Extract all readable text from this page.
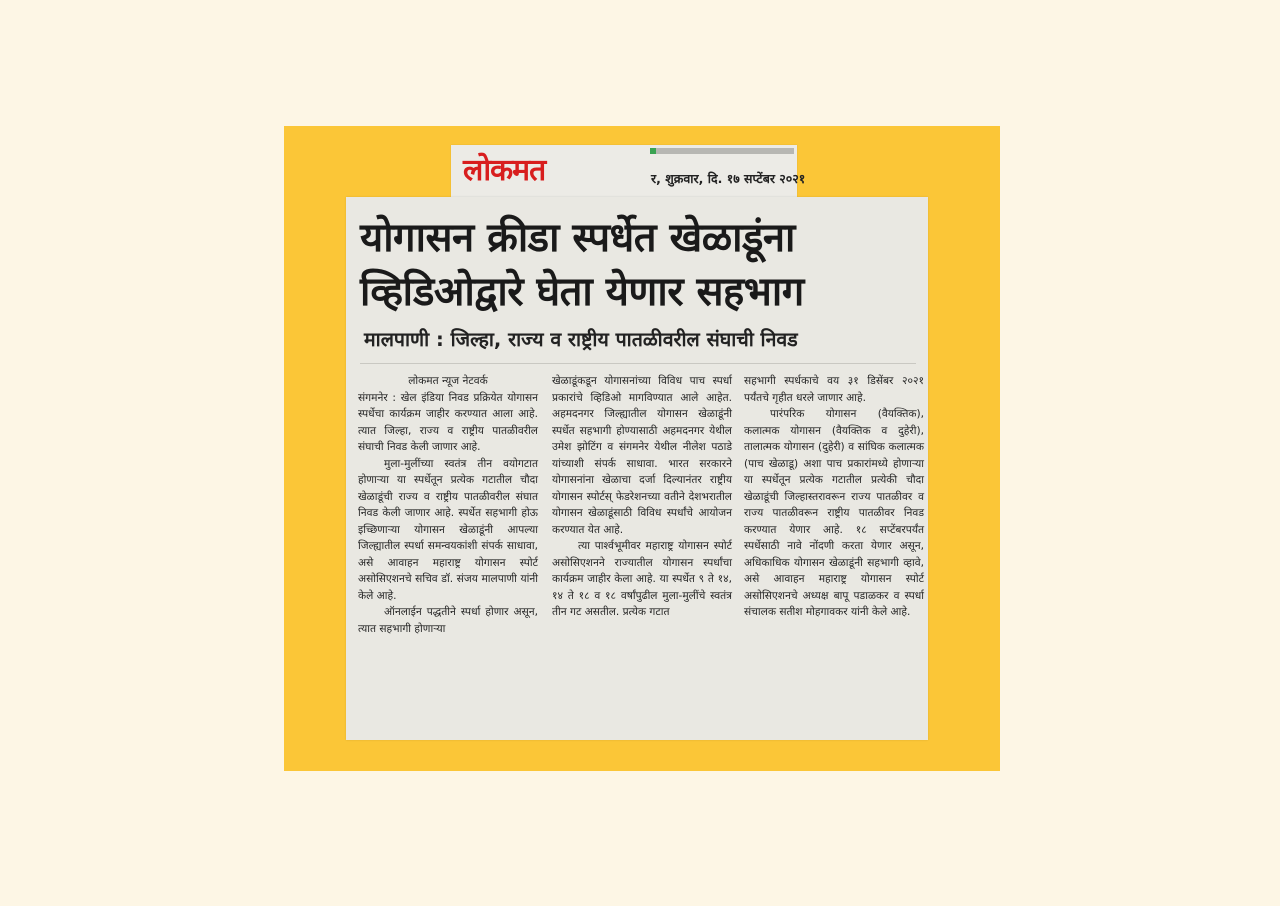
लोकमत	र, शुक्रवार, दि. १७ सप्टेंबर २०२१
योगासन क्रीडा स्पर्धेत खेळाडूंना
व्हिडिओद्वारे घेता येणार सहभाग
मालपाणी : जिल्हा, राज्य व राष्ट्रीय पातळीवरील संघाची निवड

लोकमत न्यूज नेटवर्क

संगमनेर : खेल इंडिया निवड प्रक्रियेत योगासन स्पर्धेचा कार्यक्रम जाहीर करण्यात आला आहे. त्यात जिल्हा, राज्य व राष्ट्रीय पातळीवरील संघाची निवड केली जाणार आहे.

मुला-मुलींच्या स्वतंत्र तीन वयोगटात होणाऱ्या या स्पर्धेतून प्रत्येक गटातील चौदा खेळाडूंची राज्य व राष्ट्रीय पातळीवरील संघात निवड केली जाणार आहे. स्पर्धेत सहभागी होऊ इच्छिणाऱ्या योगासन खेळाडूंनी आपल्या जिल्ह्यातील स्पर्धा समन्वयकांशी संपर्क साधावा, असे आवाहन महाराष्ट्र योगासन स्पोर्ट असोसिएशनचे सचिव डॉ. संजय मालपाणी यांनी केले आहे.

ऑनलाईन पद्धतीने स्पर्धा होणार असून, त्यात सहभागी होणाऱ्या

खेळाडूंकडून योगासनांच्या विविध पाच स्पर्धा प्रकारांचे व्हिडिओ मागविण्यात आले आहेत. अहमदनगर जिल्ह्यातील योगासन खेळाडूंनी स्पर्धेत सहभागी होण्यासाठी अहमदनगर येथील उमेश झोटिंग व संगमनेर येथील नीलेश पठाडे यांच्याशी संपर्क साधावा. भारत सरकारने योगासनांना खेळाचा दर्जा दिल्यानंतर राष्ट्रीय योगासन स्पोर्टस् फेडरेशनच्या वतीने देशभरातील योगासन खेळाडूंसाठी विविध स्पर्धांचे आयोजन करण्यात येत आहे.

त्या पार्श्वभूमीवर महाराष्ट्र योगासन स्पोर्ट असोसिएशनने राज्यातील योगासन स्पर्धांचा कार्यक्रम जाहीर केला आहे. या स्पर्धेत ९ ते १४, १४ ते १८ व १८ वर्षांपुढील मुला-मुलींचे स्वतंत्र तीन गट असतील. प्रत्येक गटात

सहभागी स्पर्धकाचे वय ३१ डिसेंबर २०२१ पर्यंतचे गृहीत धरले जाणार आहे.

पारंपरिक योगासन (वैयक्तिक), कलात्मक योगासन (वैयक्तिक व दुहेरी), तालात्मक योगासन (दुहेरी) व सांघिक कलात्मक (पाच खेळाडू) अशा पाच प्रकारांमध्ये होणाऱ्या या स्पर्धेतून प्रत्येक गटातील प्रत्येकी चौदा खेळाडूंची जिल्हास्तरावरून राज्य पातळीवर व राज्य पातळीवरून राष्ट्रीय पातळीवर निवड करण्यात येणार आहे. १८ सप्टेंबरपर्यंत स्पर्धेसाठी नावे नोंदणी करता येणार असून, अधिकाधिक योगासन खेळाडूंनी सहभागी व्हावे, असे आवाहन महाराष्ट्र योगासन स्पोर्ट असोसिएशनचे अध्यक्ष बापू पडाळकर व स्पर्धा संचालक सतीश मोहगावकर यांनी केले आहे.
